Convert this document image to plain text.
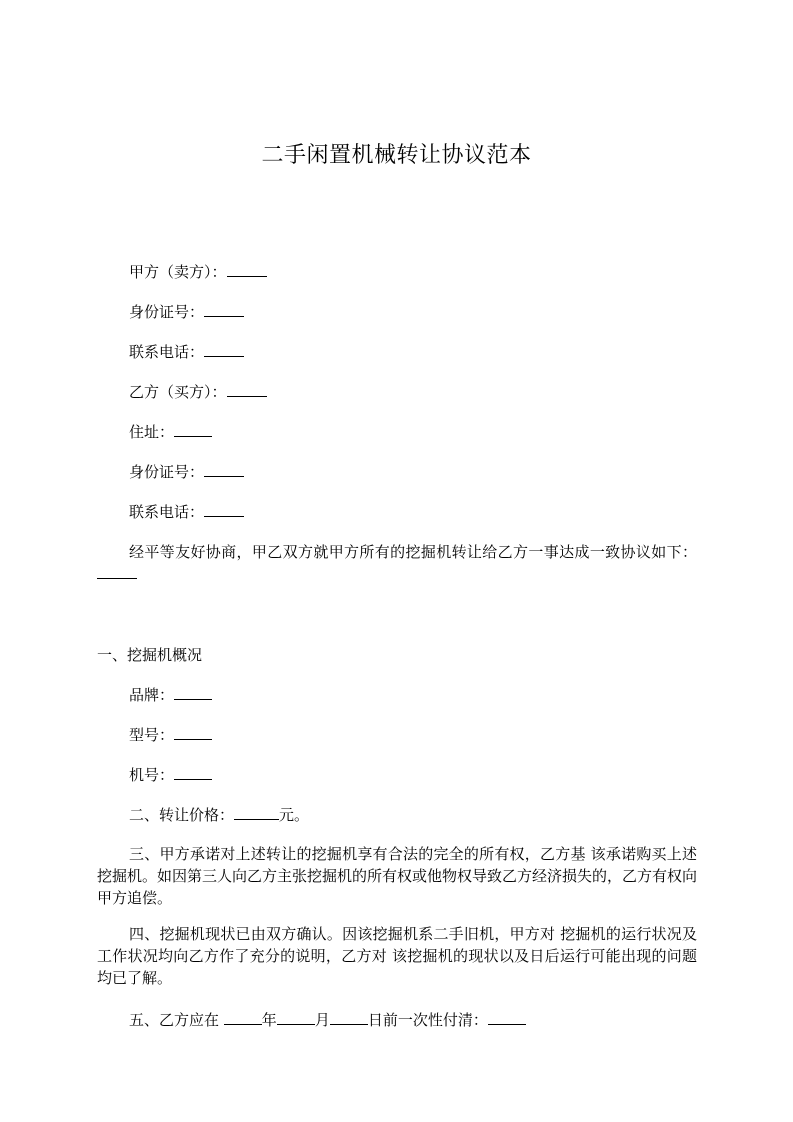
二手闲置机械转让协议范本
甲方（卖方）：
身份证号：
联系电话：
乙方（买方）：
住址：
身份证号：
联系电话：
经平等友好协商，甲乙双方就甲方所有的挖掘机转让给乙方一事达成一致协议如下：
一、挖掘机概况
品牌：
型号：
机号：
二、转让价格：	元。
三、甲方承诺对上述转让的挖掘机享有合法的完全的所有权，乙方基 该承诺购买上述挖掘机。如因第三人向乙方主张挖掘机的所有权或他物权导致乙方经济损失的，乙方有权向甲方追偿。
四、挖掘机现状已由双方确认。因该挖掘机系二手旧机，甲方对 挖掘机的运行状况及工作状况均向乙方作了充分的说明，乙方对 该挖掘机的现状以及日后运行可能出现的问题均已了解。
五、乙方应在	年	月	日前一次性付清：
